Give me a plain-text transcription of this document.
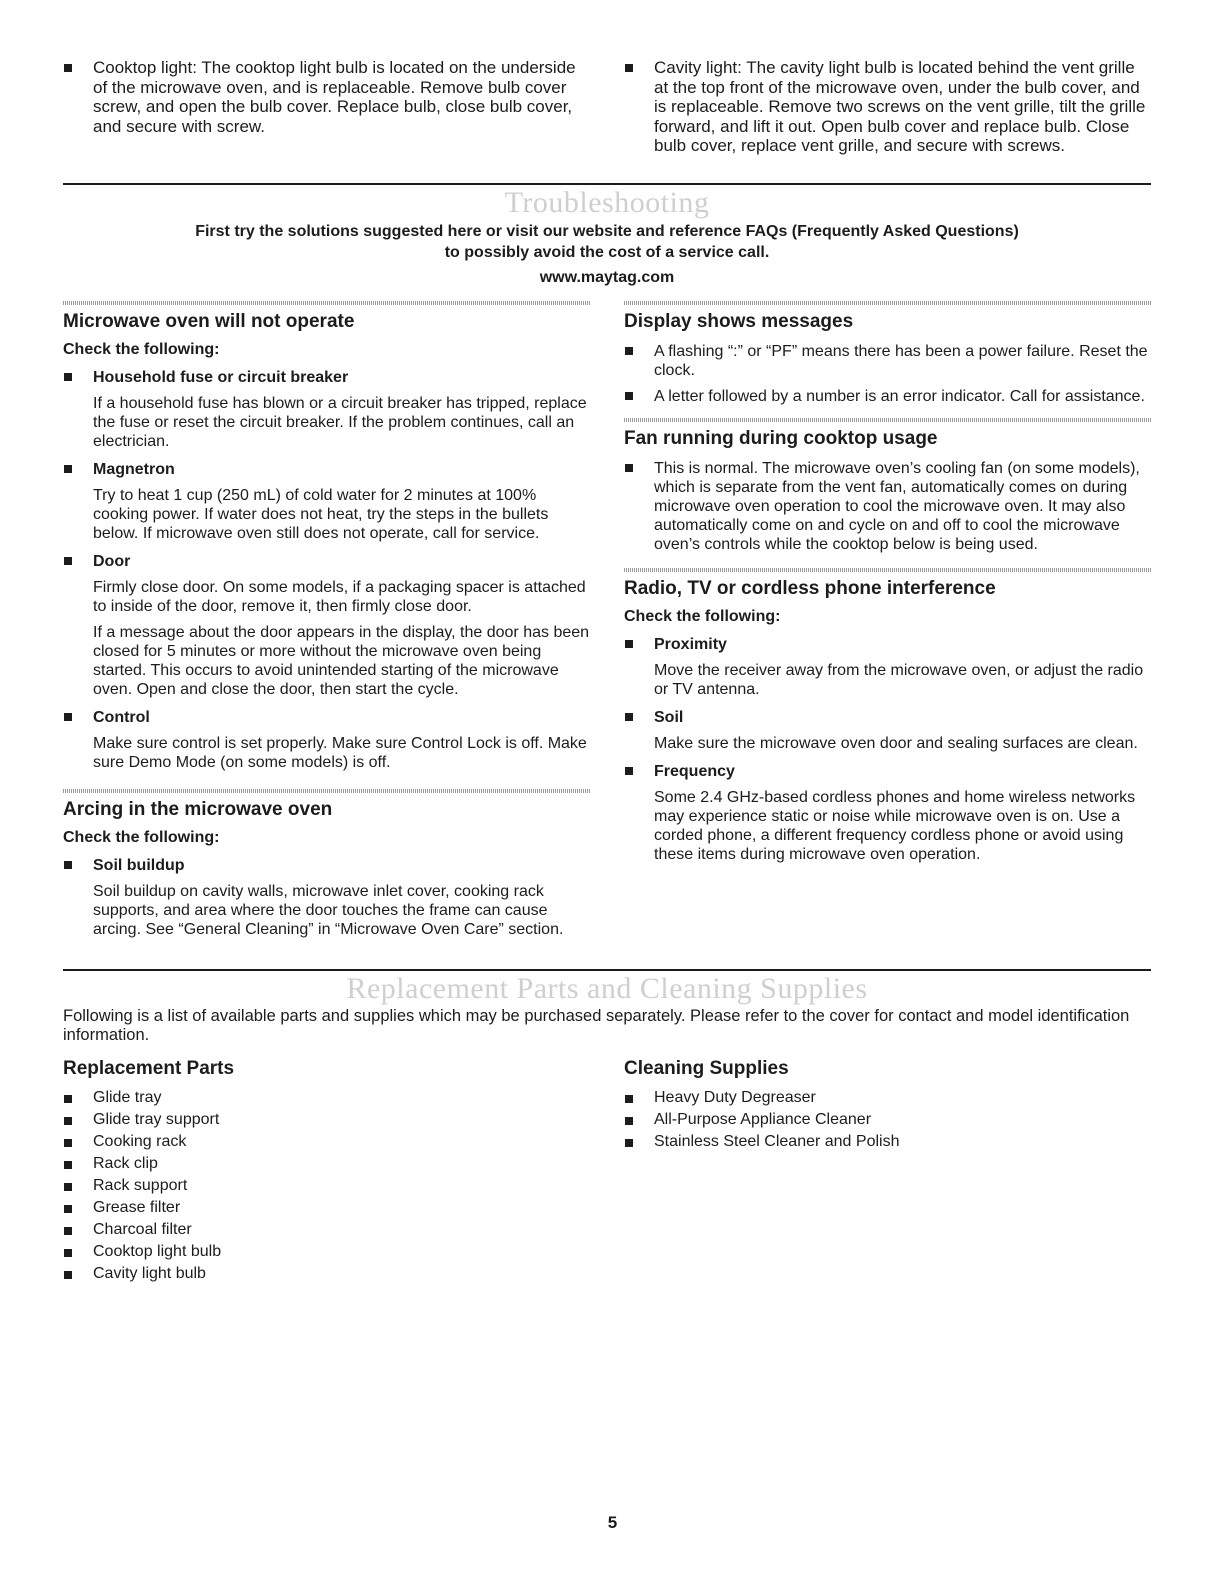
Cooktop light: The cooktop light bulb is located on the underside of the microwave oven, and is replaceable. Remove bulb cover screw, and open the bulb cover. Replace bulb, close bulb cover, and secure with screw.
Cavity light: The cavity light bulb is located behind the vent grille at the top front of the microwave oven, under the bulb cover, and is replaceable. Remove two screws on the vent grille, tilt the grille forward, and lift it out. Open bulb cover and replace bulb. Close bulb cover, replace vent grille, and secure with screws.
Troubleshooting
First try the solutions suggested here or visit our website and reference FAQs (Frequently Asked Questions)
to possibly avoid the cost of a service call.
www.maytag.com
Microwave oven will not operate
Check the following:
Household fuse or circuit breaker
If a household fuse has blown or a circuit breaker has tripped, replace the fuse or reset the circuit breaker. If the problem continues, call an electrician.
Magnetron
Try to heat 1 cup (250 mL) of cold water for 2 minutes at 100% cooking power. If water does not heat, try the steps in the bullets below. If microwave oven still does not operate, call for service.
Door
Firmly close door. On some models, if a packaging spacer is attached to inside of the door, remove it, then firmly close door.
If a message about the door appears in the display, the door has been closed for 5 minutes or more without the microwave oven being started. This occurs to avoid unintended starting of the microwave oven. Open and close the door, then start the cycle.
Control
Make sure control is set properly. Make sure Control Lock is off. Make sure Demo Mode (on some models) is off.
Arcing in the microwave oven
Check the following:
Soil buildup
Soil buildup on cavity walls, microwave inlet cover, cooking rack supports, and area where the door touches the frame can cause arcing. See “General Cleaning” in “Microwave Oven Care” section.
Display shows messages
A flashing “:” or “PF” means there has been a power failure. Reset the clock.
A letter followed by a number is an error indicator. Call for assistance.
Fan running during cooktop usage
This is normal. The microwave oven’s cooling fan (on some models), which is separate from the vent fan, automatically comes on during microwave oven operation to cool the microwave oven. It may also automatically come on and cycle on and off to cool the microwave oven’s controls while the cooktop below is being used.
Radio, TV or cordless phone interference
Check the following:
Proximity
Move the receiver away from the microwave oven, or adjust the radio or TV antenna.
Soil
Make sure the microwave oven door and sealing surfaces are clean.
Frequency
Some 2.4 GHz-based cordless phones and home wireless networks may experience static or noise while microwave oven is on. Use a corded phone, a different frequency cordless phone or avoid using these items during microwave oven operation.
Replacement Parts and Cleaning Supplies
Following is a list of available parts and supplies which may be purchased separately. Please refer to the cover for contact and model identification information.
Replacement Parts
Glide tray
Glide tray support
Cooking rack
Rack clip
Rack support
Grease filter
Charcoal filter
Cooktop light bulb
Cavity light bulb
Cleaning Supplies
Heavy Duty Degreaser
All-Purpose Appliance Cleaner
Stainless Steel Cleaner and Polish
5
